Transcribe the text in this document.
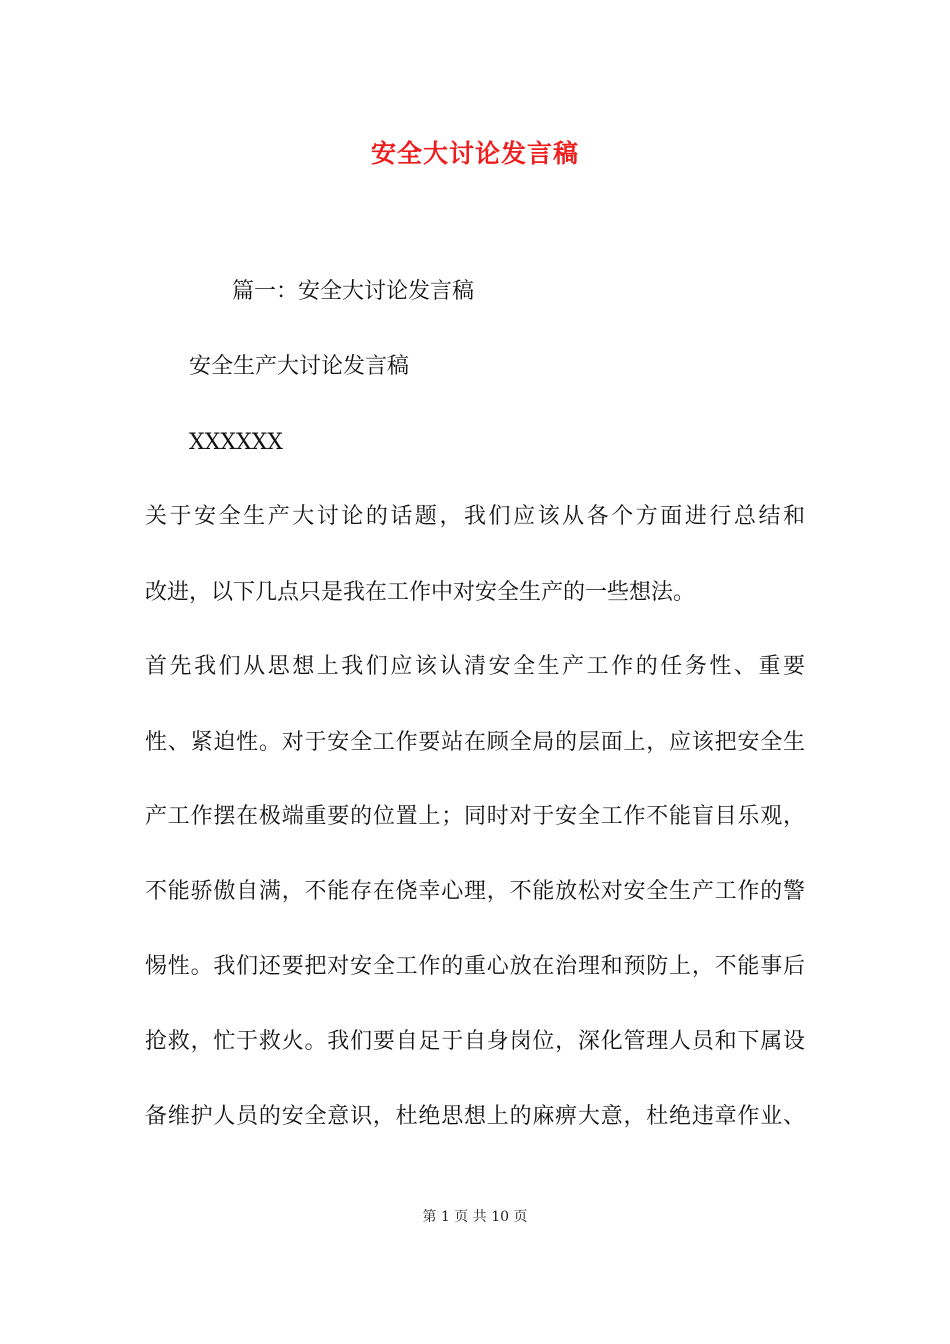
安全大讨论发言稿
篇一：安全大讨论发言稿
安全生产大讨论发言稿
XXXXXX
关于安全生产大讨论的话题，我们应该从各个方面进行总结和
改进，以下几点只是我在工作中对安全生产的一些想法。
首先我们从思想上我们应该认清安全生产工作的任务性、重要
性、紧迫性。对于安全工作要站在顾全局的层面上，应该把安全生
产工作摆在极端重要的位置上；同时对于安全工作不能盲目乐观，
不能骄傲自满，不能存在侥幸心理，不能放松对安全生产工作的警
惕性。我们还要把对安全工作的重心放在治理和预防上，不能事后
抢救，忙于救火。我们要自足于自身岗位，深化管理人员和下属设
备维护人员的安全意识，杜绝思想上的麻痹大意，杜绝违章作业、
第 1 页 共 10 页
